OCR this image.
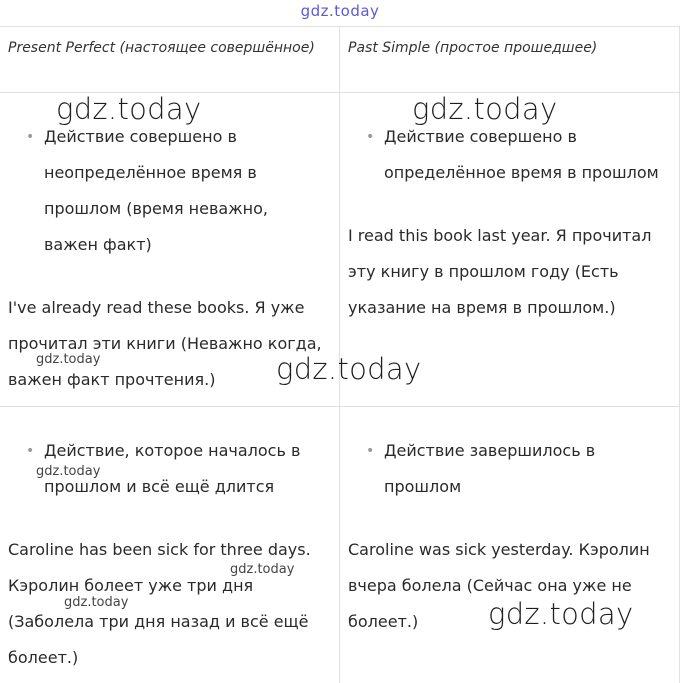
gdz.today
Present Perfect (настоящее совершённое)	Past Simple (простое прошедшее)
• Действие совершено в неопределённое время в прошлом (время неважно, важен факт)
I've already read these books. Я уже прочитал эти книги (Неважно когда, важен факт прочтения.)
• Действие совершено в определённое время в прошлом
I read this book last year. Я прочитал эту книгу в прошлом году (Есть указание на время в прошлом.)
• Действие, которое началось в прошлом и всё ещё длится
Caroline has been sick for three days. Кэролин болеет уже три дня (Заболела три дня назад и всё ещё болеет.)
• Действие завершилось в прошлом
Caroline was sick yesterday. Кэролин вчера болела (Сейчас она уже не болеет.)
gdz.today	gdz.today
gdz.today
gdz.today
gdz.today
gdz.today
gdz.today
gdz.today
